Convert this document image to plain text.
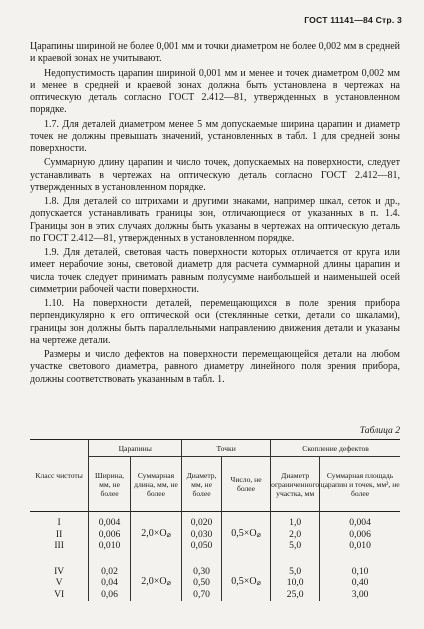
ГОСТ 11141—84 Стр. 3

Царапины шириной не более 0,001 мм и точки диаметром не более 0,002 мм в средней и краевой зонах не учитывают.

Недопустимость царапин шириной 0,001 мм и менее и точек диаметром 0,002 мм и менее в средней и краевой зонах должна быть установлена в чертежах на оптическую деталь согласно ГОСТ 2.412—81, утвержденных в установленном порядке.

1.7. Для деталей диаметром менее 5 мм допускаемые ширина царапин и диаметр точек не должны превышать значений, установленных в табл. 1 для средней зоны поверхности.

Суммарную длину царапин и число точек, допускаемых на поверхности, следует устанавливать в чертежах на оптическую деталь согласно ГОСТ 2.412—81, утвержденных в установленном порядке.

1.8. Для деталей со штрихами и другими знаками, например шкал, сеток и др., допускается устанавливать границы зон, отличающиеся от указанных в п. 1.4. Границы зон в этих случаях должны быть указаны в чертежах на оптическую деталь по ГОСТ 2.412—81, утвержденных в установленном порядке.

1.9. Для деталей, световая часть поверхности которых отличается от круга или имеет нерабочие зоны, световой диаметр для расчета суммарной длины царапин и числа точек следует принимать равным полусумме наибольшей и наименьшей осей симметрии рабочей части поверхности.

1.10. На поверхности деталей, перемещающихся в поле зрения прибора перпендикулярно к его оптической оси (стеклянные сетки, детали со шкалами), границы зон должны быть параллельными направлению движения детали и указаны на чертеже детали.

Размеры и число дефектов на поверхности перемещающейся детали на любом участке светового диаметра, равного диаметру линейного поля зрения прибора, должны соответствовать указанным в табл. 1.

Таблица 2
Класс чистоты	Царапины		Точки		Скопление дефектов	
	Ширина, мм, не более	Суммарная длина, мм, не более	Диаметр, мм, не более	Число, не более	Диаметр ограниченного участка, мм	Суммарная площадь царапин и точек, мм², не более
I	0,004	2,0×O⌀	0,020	0,5×O⌀	1,0	0,004
II	0,006		0,030		2,0	0,006
III	0,010		0,050		5,0	0,010
IV	0,02	2,0×O⌀	0,30	0,5×O⌀	5,0	0,10
V	0,04		0,50		10,0	0,40
VI	0,06		0,70		25,0	3,00
